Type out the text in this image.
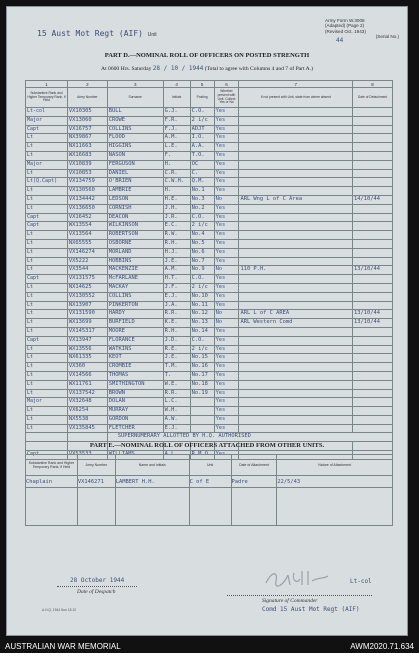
15 Aust Mot Regt (AIF) Unit
Army Form W.3008
(Adapted) (Page 2)
(Revised Oct. 1943)
(Serial No.)
44
PART D.—NOMINAL ROLL OF OFFICERS ON POSTED STRENGTH
At 0600 Hrs. Saturday 28 / 10 / 1944 (Total to agree with Columns 4 and 7 of Part A.)
1	2	3	4	5	6	7	8
Substantive Rank and Higher Temporary Rank, if Held	Army Number	Surname	Initials	Posting	Whether present with Unit. Collect Yes or No	If not present with Unit, state from where absent	Date of Detachment
Lt-col	VX10305	BULL	G.J.	C.O.	Yes		
Major	VX13060	CROWE	F.R.	2 i/c	Yes		
Capt	VX16757	COLLINS	F.J.	ADJT	Yes		
Lt	NX39867	FLOOD	A.M.	I.O.	Yes		
Lt	NX11663	HIGGINS	L.E.	A.A.	Yes		
Lt	WX16683	NASON	F.	T.O.	Yes		
Major	VX10839	FERGUSON	H.	OC	Yes		
Lt	VX10853	DANIEL	C.R.	C.	Yes		
Lt(Q.Capt)	VX134759	O'BRIEN	C.W.H.	Q.M.	Yes		
Lt	VX130560	LAMBRIE	H.	No.1	Yes		
Lt	VX134442	LEDSON	H.E.	No.3	No	ARL Wng L of C Area	14/10/44
Lt	VX136650	CORNISH	J.H.	No.2	Yes		
Capt	VX16452	DEACON	J.R.	C.O.	Yes		
Capt	WX13554	WILKINSON	E.C.	2 i/c	Yes		
Lt	VX13564	ROBERTSON	R.W.	No.4	Yes		
Lt	NX65555	OSBORNE	R.H.	No.5	Yes		
Lt	VX146274	MORLAND	H.J.	No.6	Yes		
Lt	VX5222	HOBBINS	J.E.	No.7	Yes		
Lt	VX3544	MACKENZIE	A.M.	No.9	No	110 P.H.	13/10/44
Capt	VX131575	McFARLANE	H.T.	C.O.	Yes		
Lt	NX14625	MACKAY	J.F.	2 i/c	Yes		
Lt	VX130552	COLLINS	E.J.	No.10	Yes		
Lt	NX13907	PINKERTON	J.A.	No.11	Yes		
Lt	VX131590	HARDY	R.R.	No.12	No	ARL L of C AREA	13/10/44
Lt	WX13699	BURFIELD	K.E.	No.13	No	ARL Western Comd	13/10/44
Lt	VX145317	MOORE	R.H.	No.14	Yes		
Capt	VX13947	FLORANCE	J.D.	C.O.	Yes		
Lt	WX13556	WATKINS	R.E.	2 i/c	Yes		
Lt	NX61335	KEOT	J.E.	No.15	Yes		
Lt	VX360	CROMBIE	T.M.	No.16	Yes		
Lt	VX14566	THOMAS	T.	No.17	Yes		
Lt	WX11761	SMITHINGTON	W.E.	No.18	Yes		
Lt	VX137542	BROWN	R.R.	No.19	Yes		
Major	VX32648	DOLAN	L.C.		Yes		
Lt	VX6254	MURRAY	W.H.		Yes		
Lt	NX5538	GORDON	A.W.		Yes		
Lt	VX135845	FLETCHER	E.J.		Yes		
		SUPERNUMERARY ALLOTTED BY H.Q. AUTHORISED					

Capt	VX53533	WILLIAMS	A.L.	R.M.O.	Yes		
PART E.—NOMINAL ROLL OF OFFICERS ATTACHED FROM OTHER UNITS.
Substantive Rank and Higher Temporary Rank, if Held	Army Number	Name and Initials	Unit	Date of Attachment	Nature of Attachment
Chaplain	VX146271	LAMBERT H.H.	C of E	Padre	22/5/43

28 October 1944
Date of Despatch
Lt-col
Signature of Commander
Comd 15 Aust Mot Regt (AIF)
A.H.Q. 1944 Nov 18.10
AUSTRALIAN WAR MEMORIAL	AWM2020.71.634
